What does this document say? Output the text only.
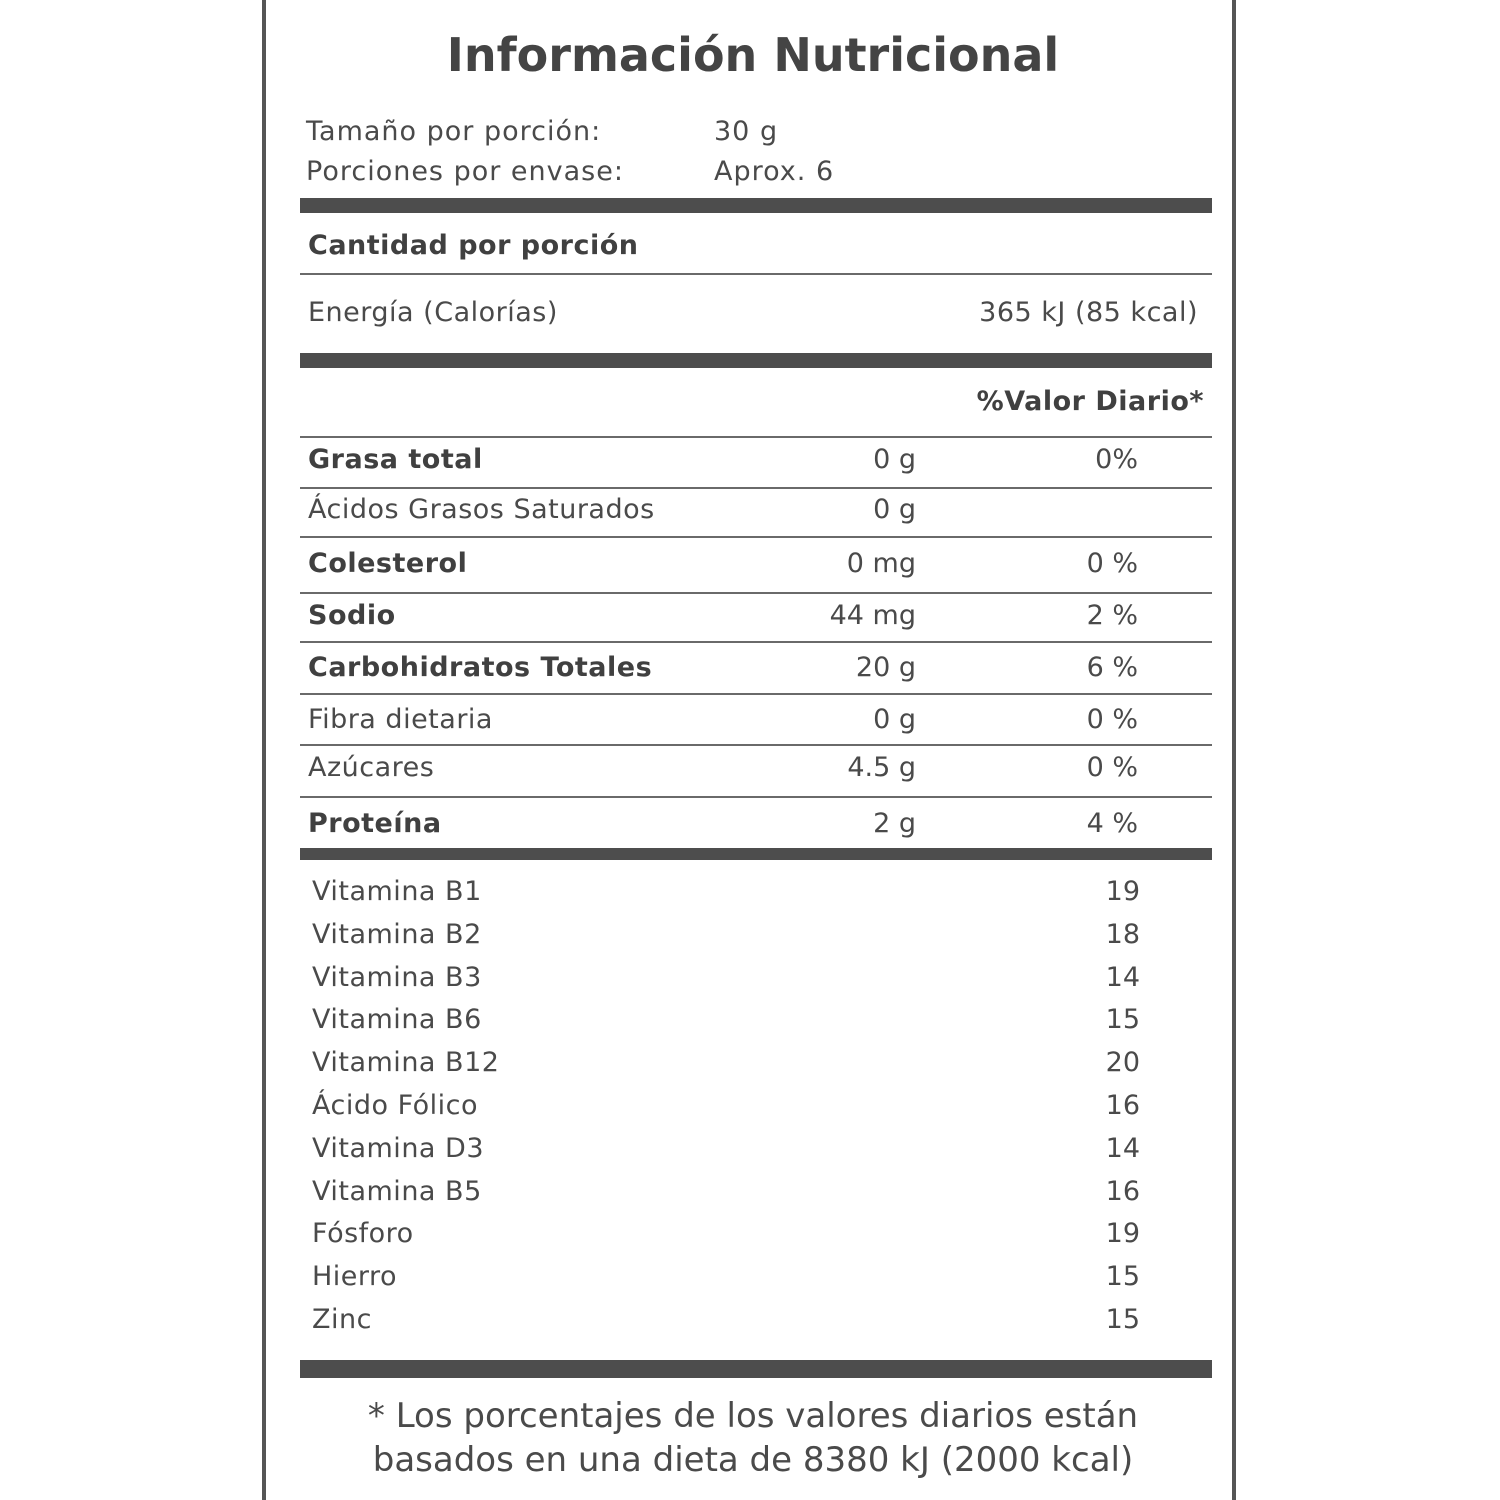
Información Nutricional
Tamaño por porción:	30 g
Porciones por envase:	Aprox. 6
Cantidad por porción
Energía (Calorías)	365 kJ (85 kcal)
%Valor Diario*
Grasa total	0 g	0%
Ácidos Grasos Saturados	0 g
Colesterol	0 mg	0 %
Sodio	44 mg	2 %
Carbohidratos Totales	20 g	6 %
Fibra dietaria	0 g	0 %
Azúcares	4.5 g	0 %
Proteína	2 g	4 %
Vitamina B1	19
Vitamina B2	18
Vitamina B3	14
Vitamina B6	15
Vitamina B12	20
Ácido Fólico	16
Vitamina D3	14
Vitamina B5	16
Fósforo	19
Hierro	15
Zinc	15
* Los porcentajes de los valores diarios están
basados en una dieta de 8380 kJ (2000 kcal)
